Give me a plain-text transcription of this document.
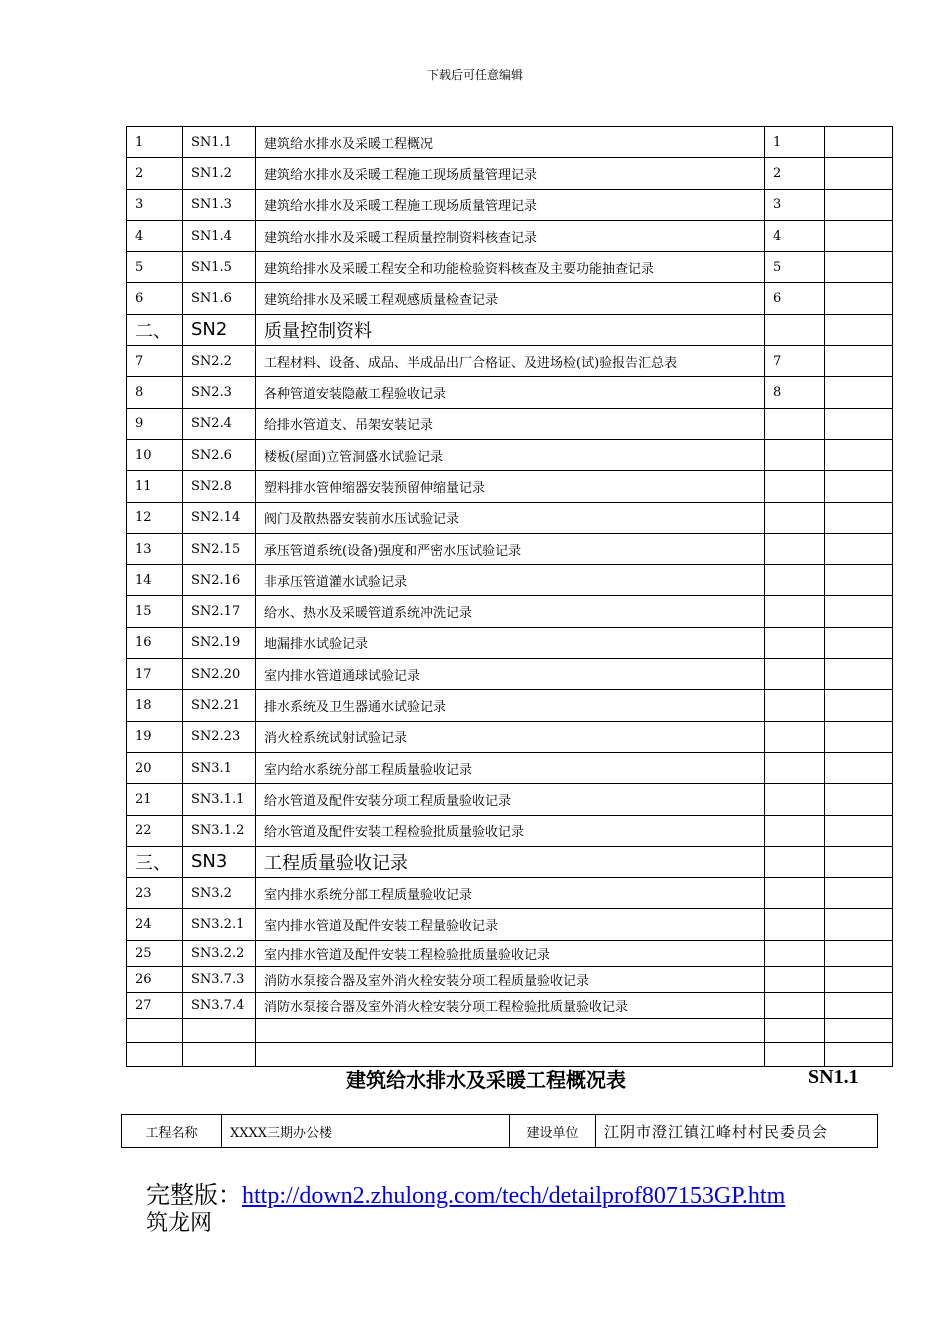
下载后可任意编辑
1	SN1.1	建筑给水排水及采暖工程概况	1	
2	SN1.2	建筑给水排水及采暖工程施工现场质量管理记录	2	
3	SN1.3	建筑给水排水及采暖工程施工现场质量管理记录	3	
4	SN1.4	建筑给水排水及采暖工程质量控制资料核查记录	4	
5	SN1.5	建筑给排水及采暖工程安全和功能检验资料核查及主要功能抽查记录	5	
6	SN1.6	建筑给排水及采暖工程观感质量检查记录	6	
二、	SN2	质量控制资料		
7	SN2.2	工程材料、设备、成品、半成品出厂合格证、及进场检(试)验报告汇总表	7	
8	SN2.3	各种管道安装隐蔽工程验收记录	8	
9	SN2.4	给排水管道支、吊架安装记录		
10	SN2.6	楼板(屋面)立管洞盛水试验记录		
11	SN2.8	塑料排水管伸缩器安装预留伸缩量记录		
12	SN2.14	阀门及散热器安装前水压试验记录		
13	SN2.15	承压管道系统(设备)强度和严密水压试验记录		
14	SN2.16	非承压管道灌水试验记录		
15	SN2.17	给水、热水及采暖管道系统冲洗记录		
16	SN2.19	地漏排水试验记录		
17	SN2.20	室内排水管道通球试验记录		
18	SN2.21	排水系统及卫生器通水试验记录		
19	SN2.23	消火栓系统试射试验记录		
20	SN3.1	室内给水系统分部工程质量验收记录		
21	SN3.1.1	给水管道及配件安装分项工程质量验收记录		
22	SN3.1.2	给水管道及配件安装工程检验批质量验收记录		
三、	SN3	工程质量验收记录		
23	SN3.2	室内排水系统分部工程质量验收记录		
24	SN3.2.1	室内排水管道及配件安装工程量验收记录		
25	SN3.2.2	室内排水管道及配件安装工程检验批质量验收记录		
26	SN3.7.3	消防水泵接合器及室外消火栓安装分项工程质量验收记录		
27	SN3.7.4	消防水泵接合器及室外消火栓安装分项工程检验批质量验收记录		

建筑给水排水及采暖工程概况表	SN1.1
工程名称	XXXX三期办公楼	建设单位	江阴市澄江镇江峰村村民委员会
完整版：http://down2.zhulong.com/tech/detailprof807153GP.htm
筑龙网
